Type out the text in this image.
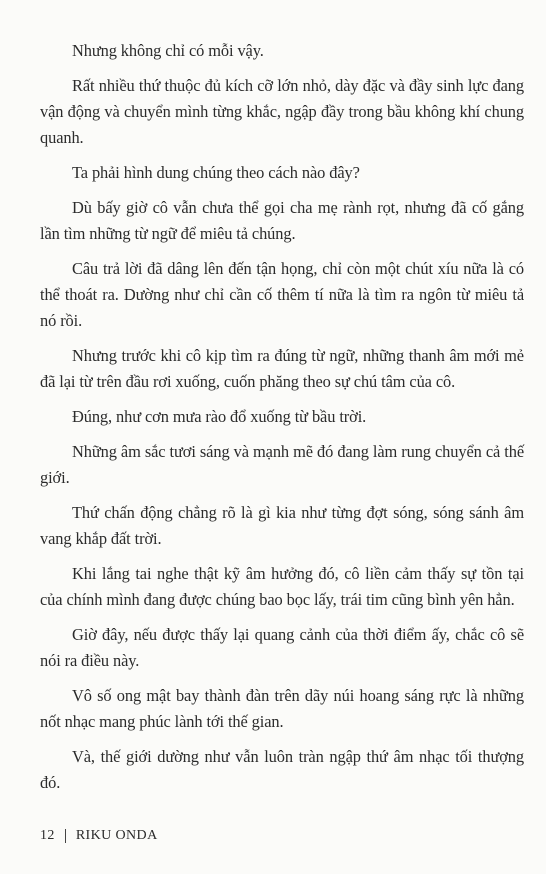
Nhưng không chỉ có mỗi vậy.

Rất nhiều thứ thuộc đủ kích cỡ lớn nhỏ, dày đặc và đầy sinh lực đang vận động và chuyển mình từng khắc, ngập đầy trong bầu không khí chung quanh.

Ta phải hình dung chúng theo cách nào đây?

Dù bấy giờ cô vẫn chưa thể gọi cha mẹ rành rọt, nhưng đã cố gắng lần tìm những từ ngữ để miêu tả chúng.

Câu trả lời đã dâng lên đến tận họng, chỉ còn một chút xíu nữa là có thể thoát ra. Dường như chỉ cần cố thêm tí nữa là tìm ra ngôn từ miêu tả nó rồi.

Nhưng trước khi cô kịp tìm ra đúng từ ngữ, những thanh âm mới mẻ đã lại từ trên đầu rơi xuống, cuốn phăng theo sự chú tâm của cô.

Đúng, như cơn mưa rào đổ xuống từ bầu trời.

Những âm sắc tươi sáng và mạnh mẽ đó đang làm rung chuyển cả thế giới.

Thứ chấn động chẳng rõ là gì kia như từng đợt sóng, sóng sánh âm vang khắp đất trời.

Khi lắng tai nghe thật kỹ âm hưởng đó, cô liền cảm thấy sự tồn tại của chính mình đang được chúng bao bọc lấy, trái tim cũng bình yên hẳn.

Giờ đây, nếu được thấy lại quang cảnh của thời điểm ấy, chắc cô sẽ nói ra điều này.

Vô số ong mật bay thành đàn trên dãy núi hoang sáng rực là những nốt nhạc mang phúc lành tới thế gian.

Và, thế giới dường như vẫn luôn tràn ngập thứ âm nhạc tối thượng đó.

12 RIKU ONDA
